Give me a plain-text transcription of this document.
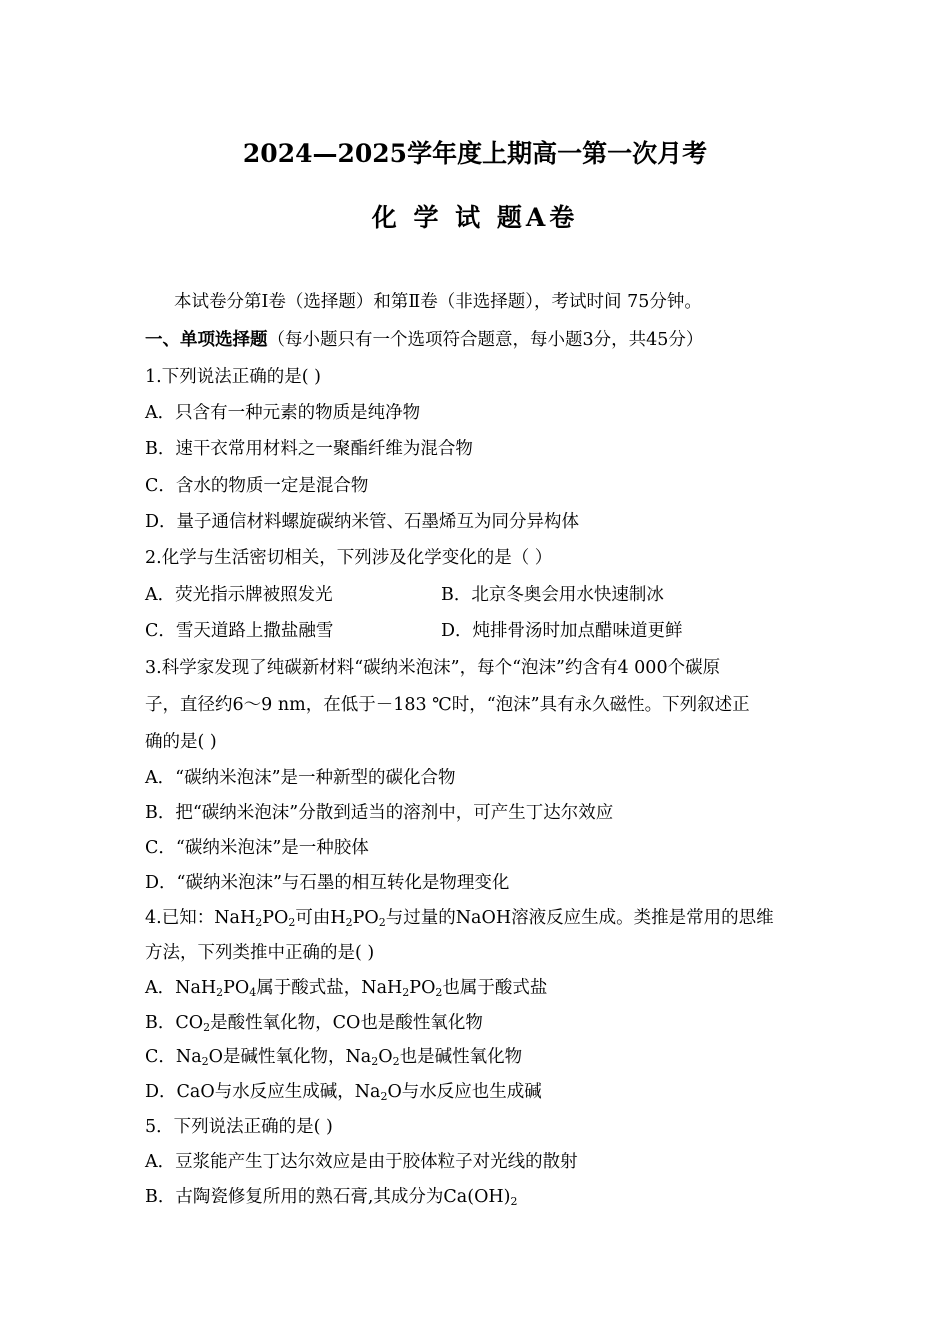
2024—2025学年度上期高一第一次月考
化 学 试 题A卷
本试卷分第Ⅰ卷（选择题）和第Ⅱ卷（非选择题），考试时间 75分钟。
一、单项选择题（每小题只有一个选项符合题意，每小题3分，共45分）
1.下列说法正确的是( )
A．只含有一种元素的物质是纯净物
B．速干衣常用材料之一聚酯纤维为混合物
C．含水的物质一定是混合物
D．量子通信材料螺旋碳纳米管、石墨烯互为同分异构体
2.化学与生活密切相关，下列涉及化学变化的是（ ）
A．荧光指示牌被照发光	B．北京冬奥会用水快速制冰
C．雪天道路上撒盐融雪	D．炖排骨汤时加点醋味道更鲜
3.科学家发现了纯碳新材料“碳纳米泡沫”，每个“泡沫”约含有4 000个碳原
子，直径约6～9 nm，在低于－183 ℃时，“泡沫”具有永久磁性。下列叙述正
确的是( )
A．“碳纳米泡沫”是一种新型的碳化合物
B．把“碳纳米泡沫”分散到适当的溶剂中，可产生丁达尔效应
C．“碳纳米泡沫”是一种胶体
D．“碳纳米泡沫”与石墨的相互转化是物理变化
4.已知：$NaH_2PO_2$可由$H_2PO_2$与过量的NaOH溶液反应生成。类推是常用的思维
方法，下列类推中正确的是( )
A．$NaH_2PO_4$属于酸式盐，$NaH_2PO_2$也属于酸式盐
B．$CO_2$是酸性氧化物，CO也是酸性氧化物
C．$Na_2O$是碱性氧化物，$Na_2O_2$也是碱性氧化物
D．CaO与水反应生成碱，$Na_2O$与水反应也生成碱
5．下列说法正确的是( )
A．豆浆能产生丁达尔效应是由于胶体粒子对光线的散射
B．古陶瓷修复所用的熟石膏,其成分为$Ca(OH)_2$
